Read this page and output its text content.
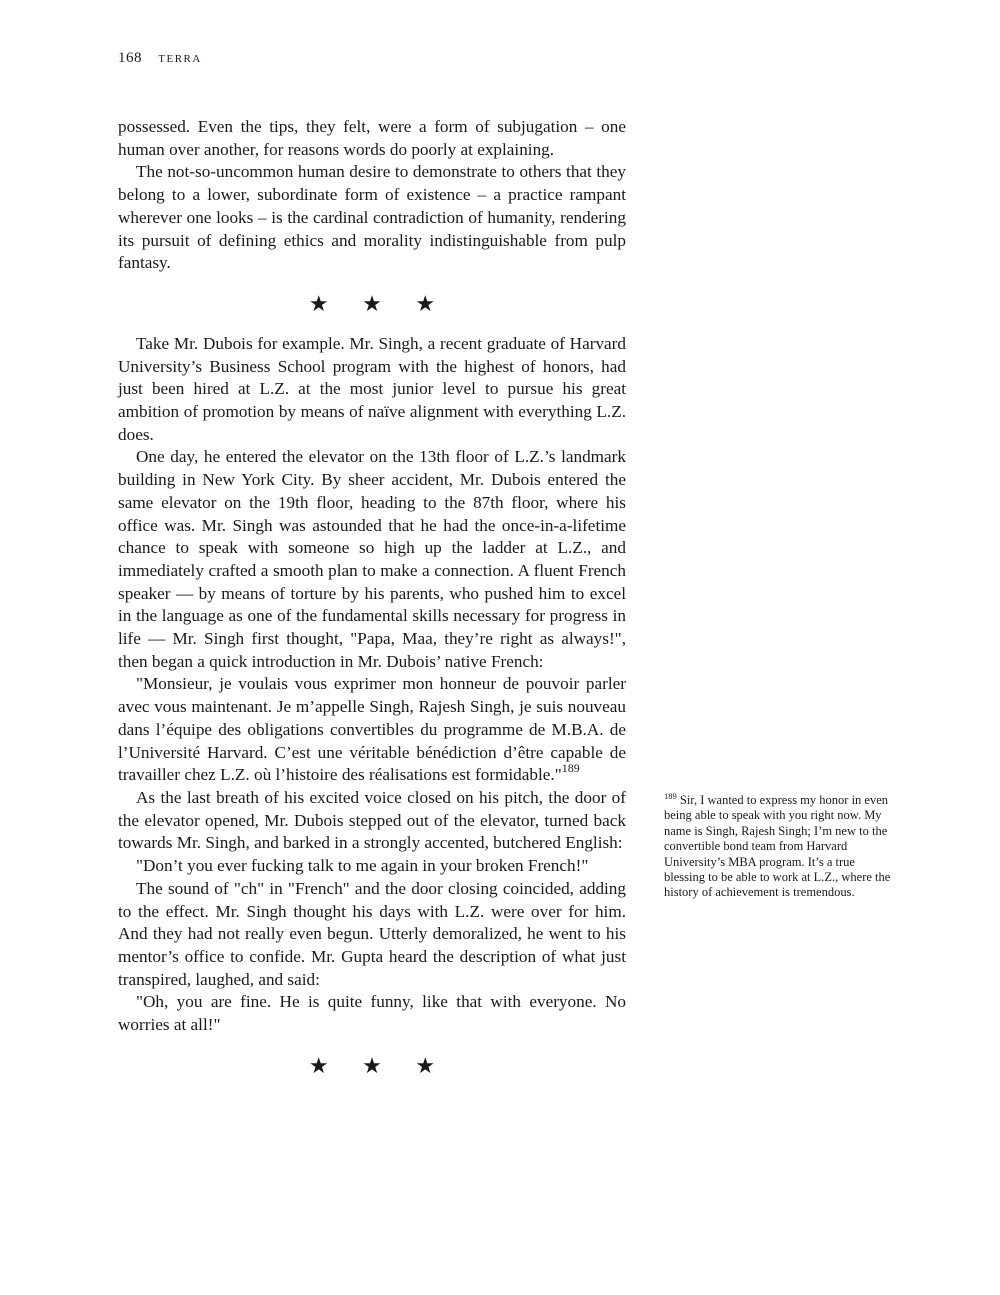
168 terra

possessed. Even the tips, they felt, were a form of subjugation – one human over another, for reasons words do poorly at explaining.

The not-so-uncommon human desire to demonstrate to others that they belong to a lower, subordinate form of existence – a practice rampant wherever one looks – is the cardinal contradiction of humanity, rendering its pursuit of defining ethics and morality indistinguishable from pulp fantasy.

★ ★ ★

Take Mr. Dubois for example. Mr. Singh, a recent graduate of Harvard University’s Business School program with the highest of honors, had just been hired at L.Z. at the most junior level to pursue his great ambition of promotion by means of naïve alignment with everything L.Z. does.

One day, he entered the elevator on the 13th floor of L.Z.’s landmark building in New York City. By sheer accident, Mr. Dubois entered the same elevator on the 19th floor, heading to the 87th floor, where his office was. Mr. Singh was astounded that he had the once-in-a-lifetime chance to speak with someone so high up the ladder at L.Z., and immediately crafted a smooth plan to make a connection. A fluent French speaker — by means of torture by his parents, who pushed him to excel in the language as one of the fundamental skills necessary for progress in life — Mr. Singh first thought, "Papa, Maa, they’re right as always!", then began a quick introduction in Mr. Dubois’ native French:

"Monsieur, je voulais vous exprimer mon honneur de pouvoir parler avec vous maintenant. Je m’appelle Singh, Rajesh Singh, je suis nouveau dans l’équipe des obligations convertibles du programme de M.B.A. de l’Université Harvard. C’est une véritable bénédiction d’être capable de travailler chez L.Z. où l’histoire des réalisations est formidable."$^{189}$

As the last breath of his excited voice closed on his pitch, the door of the elevator opened, Mr. Dubois stepped out of the elevator, turned back towards Mr. Singh, and barked in a strongly accented, butchered English:

"Don’t you ever fucking talk to me again in your broken French!"

The sound of "ch" in "French" and the door closing coincided, adding to the effect. Mr. Singh thought his days with L.Z. were over for him. And they had not really even begun. Utterly demoralized, he went to his mentor’s office to confide. Mr. Gupta heard the description of what just transpired, laughed, and said:

"Oh, you are fine. He is quite funny, like that with everyone. No worries at all!"

★ ★ ★

$^{189}$ Sir, I wanted to express my honor in even being able to speak with you right now. My name is Singh, Rajesh Singh; I’m new to the convertible bond team from Harvard University’s MBA program. It’s a true blessing to be able to work at L.Z., where the history of achievement is tremendous.
